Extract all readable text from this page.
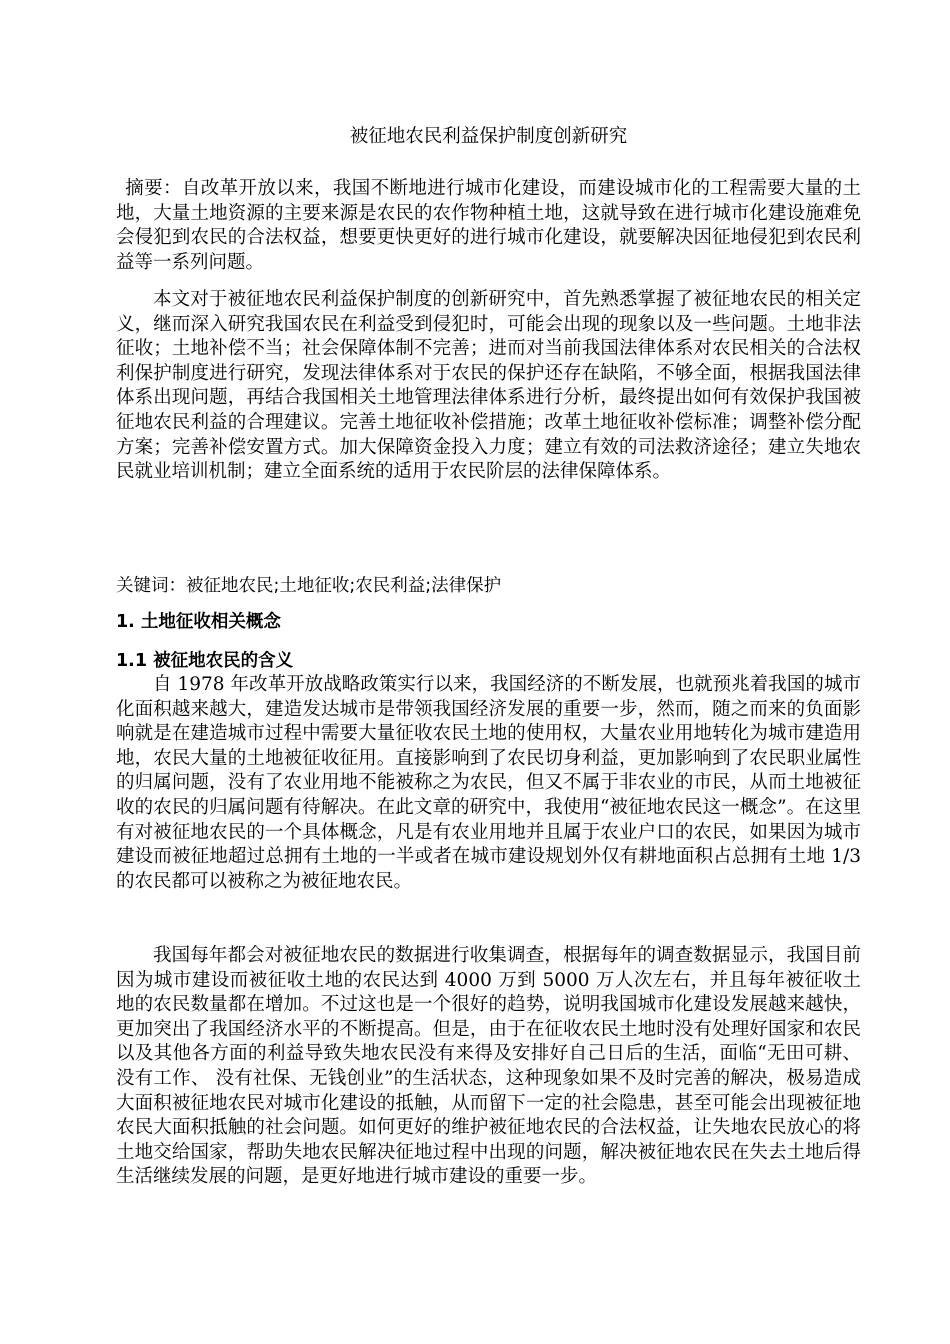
被征地农民利益保护制度创新研究

摘要：自改革开放以来，我国不断地进行城市化建设，而建设城市化的工程需要大量的土地，大量土地资源的主要来源是农民的农作物种植土地，这就导致在进行城市化建设施难免会侵犯到农民的合法权益，想要更快更好的进行城市化建设，就要解决因征地侵犯到农民利益等一系列问题。

本文对于被征地农民利益保护制度的创新研究中，首先熟悉掌握了被征地农民的相关定义，继而深入研究我国农民在利益受到侵犯时，可能会出现的现象以及一些问题。土地非法征收；土地补偿不当；社会保障体制不完善；进而对当前我国法律体系对农民相关的合法权利保护制度进行研究，发现法律体系对于农民的保护还存在缺陷，不够全面，根据我国法律体系出现问题，再结合我国相关土地管理法律体系进行分析，最终提出如何有效保护我国被征地农民利益的合理建议。完善土地征收补偿措施；改革土地征收补偿标准；调整补偿分配方案；完善补偿安置方式。加大保障资金投入力度；建立有效的司法救济途径；建立失地农民就业培训机制；建立全面系统的适用于农民阶层的法律保障体系。

关键词：被征地农民;土地征收;农民利益;法律保护

1. 土地征收相关概念
1.1 被征地农民的含义

自 1978 年改革开放战略政策实行以来，我国经济的不断发展，也就预兆着我国的城市化面积越来越大，建造发达城市是带领我国经济发展的重要一步，然而，随之而来的负面影响就是在建造城市过程中需要大量征收农民土地的使用权，大量农业用地转化为城市建造用地，农民大量的土地被征收征用。直接影响到了农民切身利益，更加影响到了农民职业属性的归属问题，没有了农业用地不能被称之为农民，但又不属于非农业的市民，从而土地被征收的农民的归属问题有待解决。在此文章的研究中，我使用“被征地农民这一概念”。在这里有对被征地农民的一个具体概念，凡是有农业用地并且属于农业户口的农民，如果因为城市建设而被征地超过总拥有土地的一半或者在城市建设规划外仅有耕地面积占总拥有土地 1/3 的农民都可以被称之为被征地农民。

我国每年都会对被征地农民的数据进行收集调查，根据每年的调查数据显示，我国目前因为城市建设而被征收土地的农民达到 4000 万到 5000 万人次左右，并且每年被征收土地的农民数量都在增加。不过这也是一个很好的趋势，说明我国城市化建设发展越来越快，更加突出了我国经济水平的不断提高。但是，由于在征收农民土地时没有处理好国家和农民以及其他各方面的利益导致失地农民没有来得及安排好自己日后的生活，面临“无田可耕、没有工作、 没有社保、无钱创业”的生活状态，这种现象如果不及时完善的解决，极易造成大面积被征地农民对城市化建设的抵触，从而留下一定的社会隐患，甚至可能会出现被征地农民大面积抵触的社会问题。如何更好的维护被征地农民的合法权益，让失地农民放心的将土地交给国家，帮助失地农民解决征地过程中出现的问题，解决被征地农民在失去土地后得生活继续发展的问题，是更好地进行城市建设的重要一步。
